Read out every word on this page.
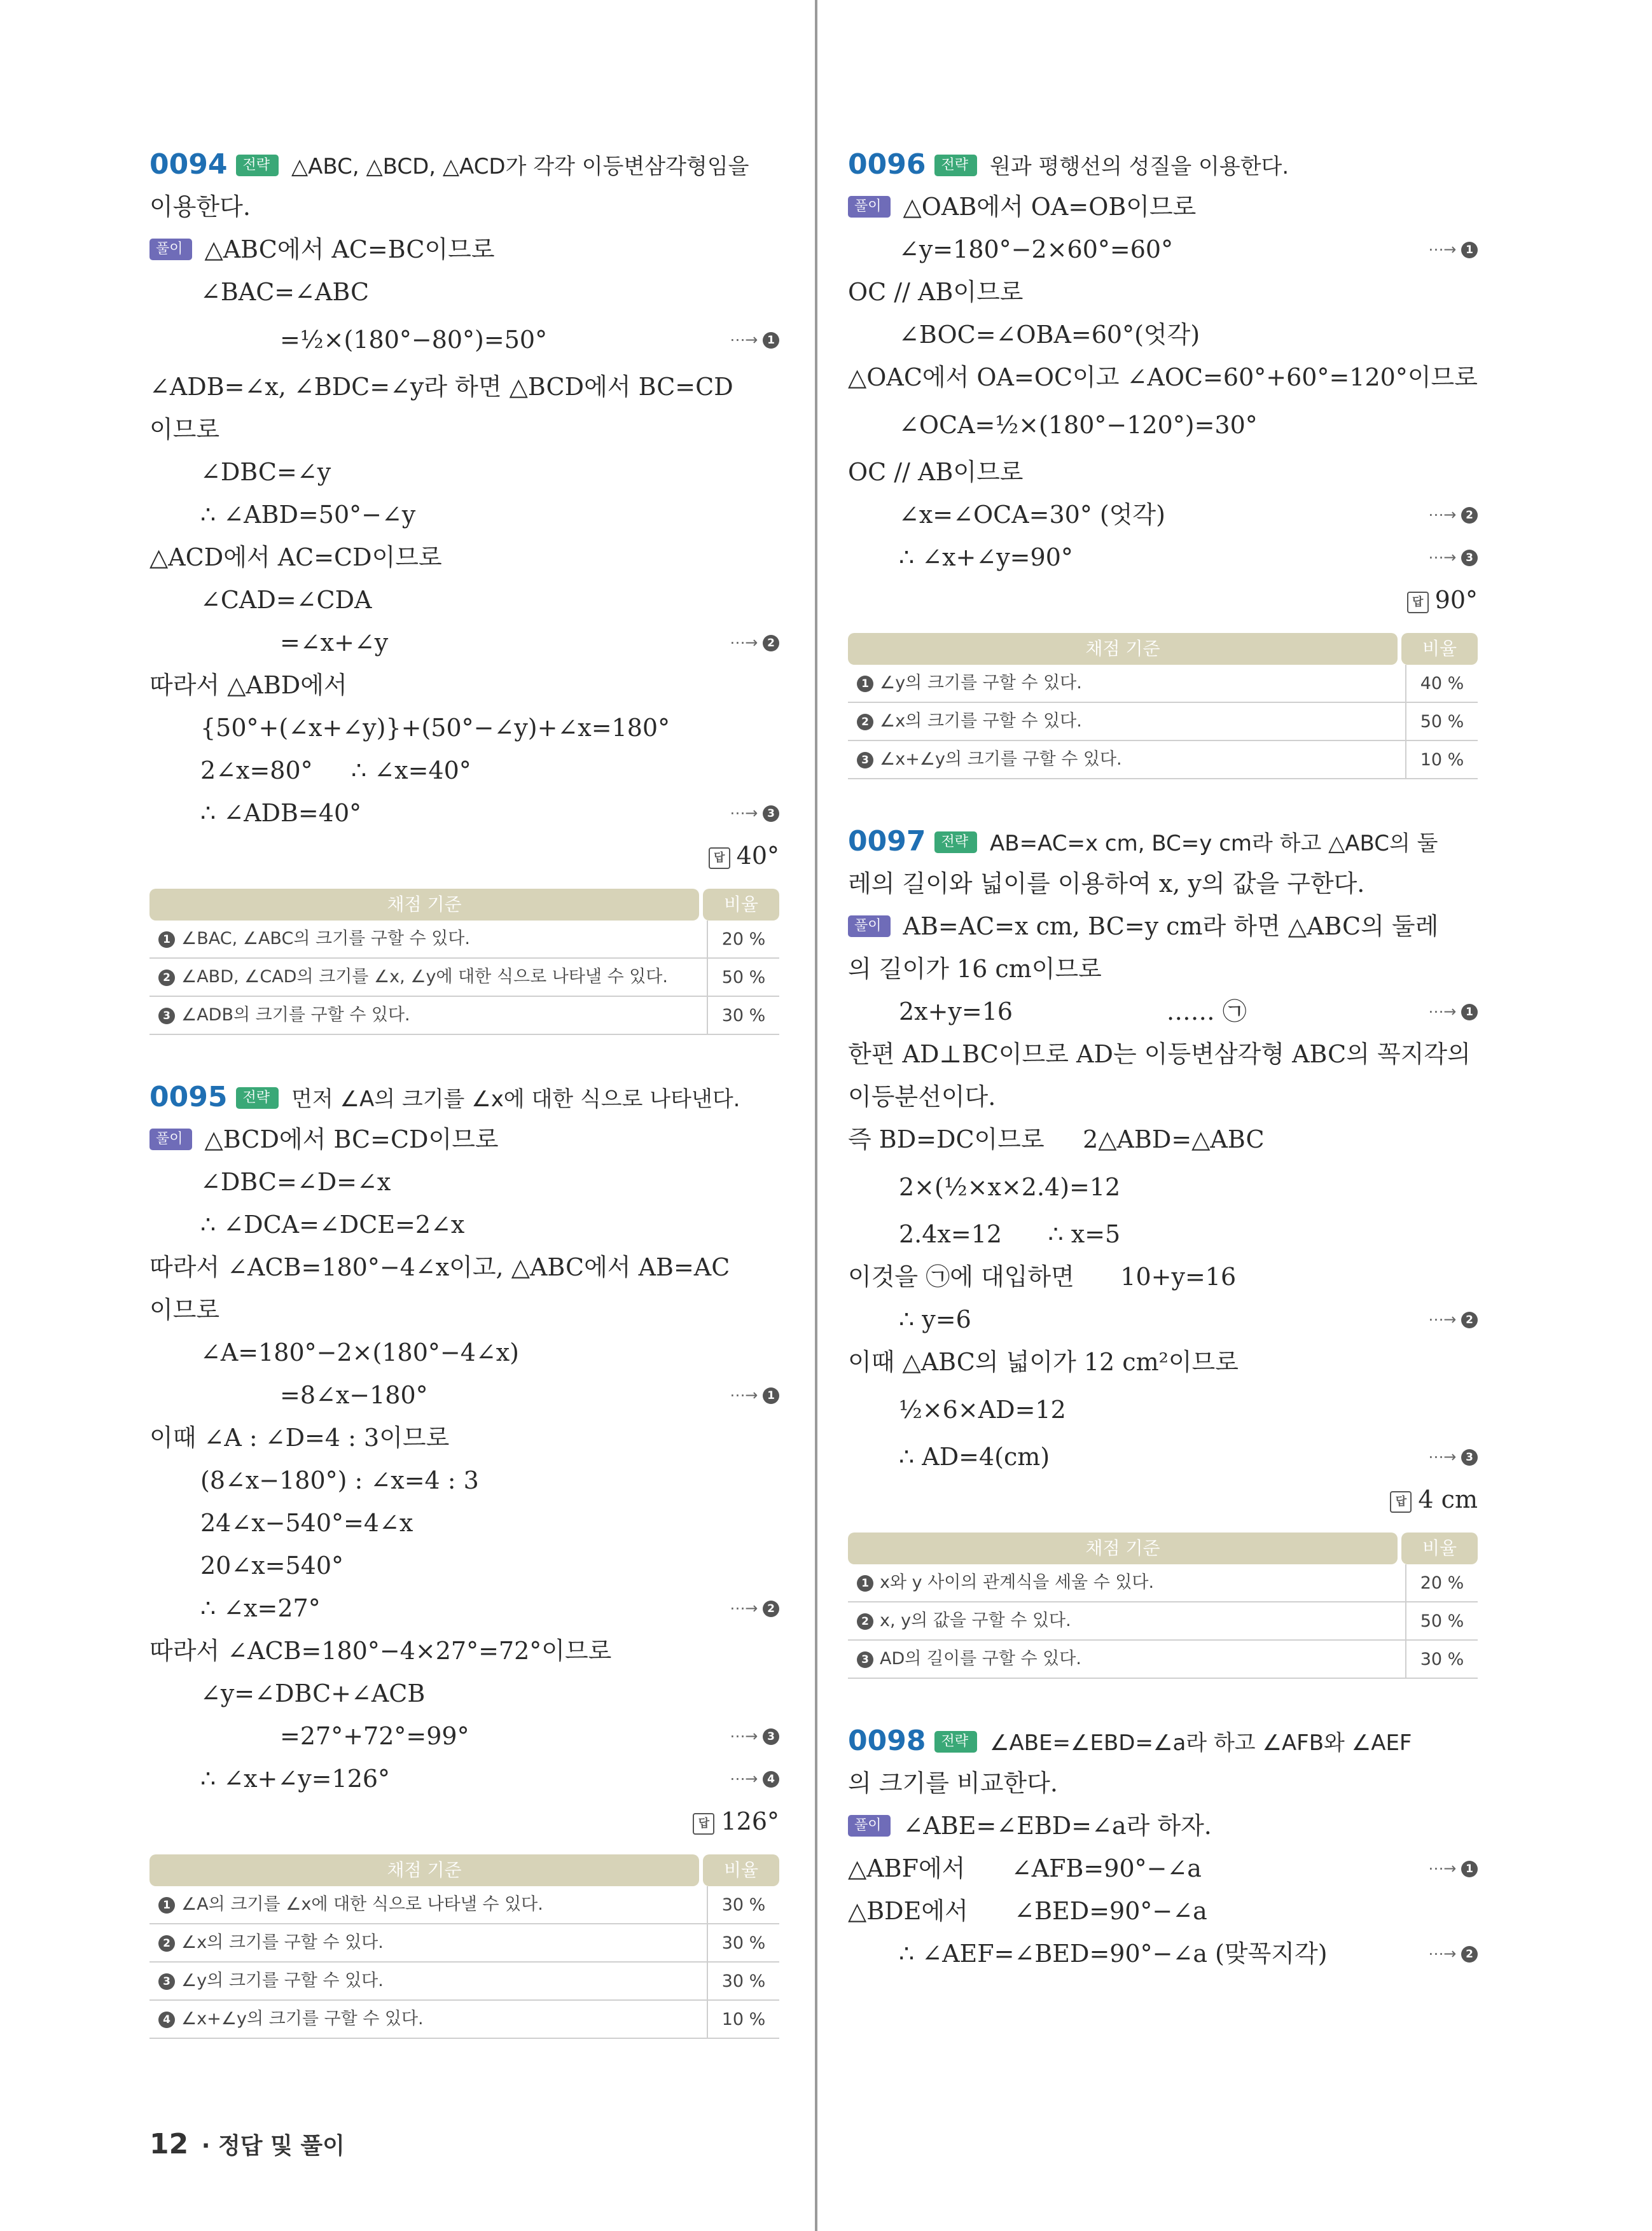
0094 전략 △ABC, △BCD, △ACD가 각각 이등변삼각형임을
이용한다.
풀이 △ABC에서 AC=BC이므로
∠BAC=∠ABC
=½×(180°−80°)=50°	⋯→ 1
∠ADB=∠x, ∠BDC=∠y라 하면 △BCD에서 BC=CD
이므로
∠DBC=∠y
∴ ∠ABD=50°−∠y
△ACD에서 AC=CD이므로
∠CAD=∠CDA
=∠x+∠y	⋯→ 2
따라서 △ABD에서
{50°+(∠x+∠y)}+(50°−∠y)+∠x=180°
2∠x=80°     ∴ ∠x=40°
∴ ∠ADB=40°	⋯→ 3
답 40°
채점 기준	비율
1 ∠BAC, ∠ABC의 크기를 구할 수 있다.	20 %
2 ∠ABD, ∠CAD의 크기를 ∠x, ∠y에 대한 식으로 나타낼 수 있다.	50 %
3 ∠ADB의 크기를 구할 수 있다.	30 %
0095 전략 먼저 ∠A의 크기를 ∠x에 대한 식으로 나타낸다.
풀이 △BCD에서 BC=CD이므로
∠DBC=∠D=∠x
∴ ∠DCA=∠DCE=2∠x
따라서 ∠ACB=180°−4∠x이고, △ABC에서 AB=AC
이므로
∠A=180°−2×(180°−4∠x)
=8∠x−180°	⋯→ 1
이때 ∠A : ∠D=4 : 3이므로
(8∠x−180°) : ∠x=4 : 3
24∠x−540°=4∠x
20∠x=540°
∴ ∠x=27°	⋯→ 2
따라서 ∠ACB=180°−4×27°=72°이므로
∠y=∠DBC+∠ACB
=27°+72°=99°	⋯→ 3
∴ ∠x+∠y=126°	⋯→ 4
답 126°
채점 기준	비율
1 ∠A의 크기를 ∠x에 대한 식으로 나타낼 수 있다.	30 %
2 ∠x의 크기를 구할 수 있다.	30 %
3 ∠y의 크기를 구할 수 있다.	30 %
4 ∠x+∠y의 크기를 구할 수 있다.	10 %
0096 전략 원과 평행선의 성질을 이용한다.
풀이 △OAB에서 OA=OB이므로
∠y=180°−2×60°=60°	⋯→ 1
OC // AB이므로
∠BOC=∠OBA=60°(엇각)
△OAC에서 OA=OC이고 ∠AOC=60°+60°=120°이므로
∠OCA=½×(180°−120°)=30°
OC // AB이므로
∠x=∠OCA=30° (엇각)	⋯→ 2
∴ ∠x+∠y=90°	⋯→ 3
답 90°
채점 기준	비율
1 ∠y의 크기를 구할 수 있다.	40 %
2 ∠x의 크기를 구할 수 있다.	50 %
3 ∠x+∠y의 크기를 구할 수 있다.	10 %
0097 전략 AB=AC=x cm, BC=y cm라 하고 △ABC의 둘
레의 길이와 넓이를 이용하여 x, y의 값을 구한다.
풀이 AB=AC=x cm, BC=y cm라 하면 △ABC의 둘레
의 길이가 16 cm이므로
2x+y=16                    …… ㉠	⋯→ 1
한편 AD⊥BC이므로 AD는 이등변삼각형 ABC의 꼭지각의
이등분선이다.
즉 BD=DC이므로     2△ABD=△ABC
2×(½×x×2.4)=12
2.4x=12      ∴ x=5
이것을 ㉠에 대입하면      10+y=16
∴ y=6	⋯→ 2
이때 △ABC의 넓이가 12 cm²이므로
½×6×AD=12
∴ AD=4(cm)	⋯→ 3
답 4 cm
채점 기준	비율
1 x와 y 사이의 관계식을 세울 수 있다.	20 %
2 x, y의 값을 구할 수 있다.	50 %
3 AD의 길이를 구할 수 있다.	30 %
0098 전략 ∠ABE=∠EBD=∠a라 하고 ∠AFB와 ∠AEF
의 크기를 비교한다.
풀이 ∠ABE=∠EBD=∠a라 하자.
△ABF에서      ∠AFB=90°−∠a	⋯→ 1
△BDE에서      ∠BED=90°−∠a
∴ ∠AEF=∠BED=90°−∠a (맞꼭지각)	⋯→ 2
12 · 정답 및 풀이
